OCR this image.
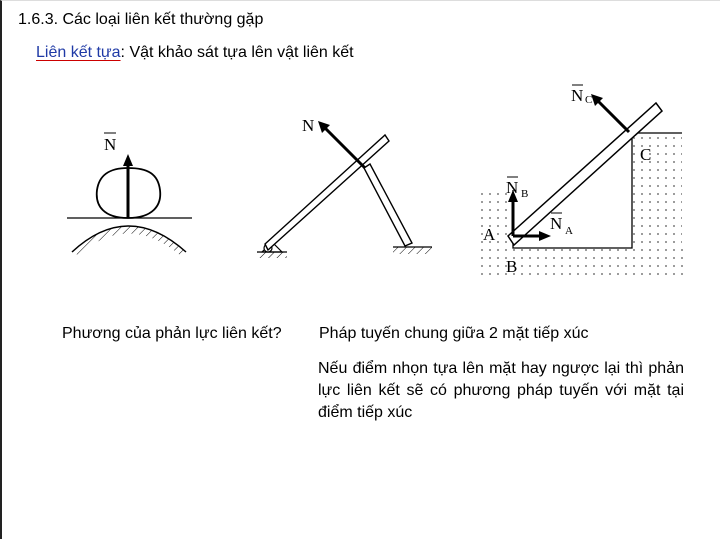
1.6.3. Các loại liên kết thường gặp
Liên kết tựa: Vật khảo sát tựa lên vật liên kết
N
N
N C
N B
N A
C
A
B
Phương của phản lực liên kết? Pháp tuyến chung giữa 2 mặt tiếp xúc
Nếu điểm nhọn tựa lên mặt hay ngược lại thì phản lực liên kết sẽ có phương pháp tuyến với mặt tại điểm tiếp xúc
